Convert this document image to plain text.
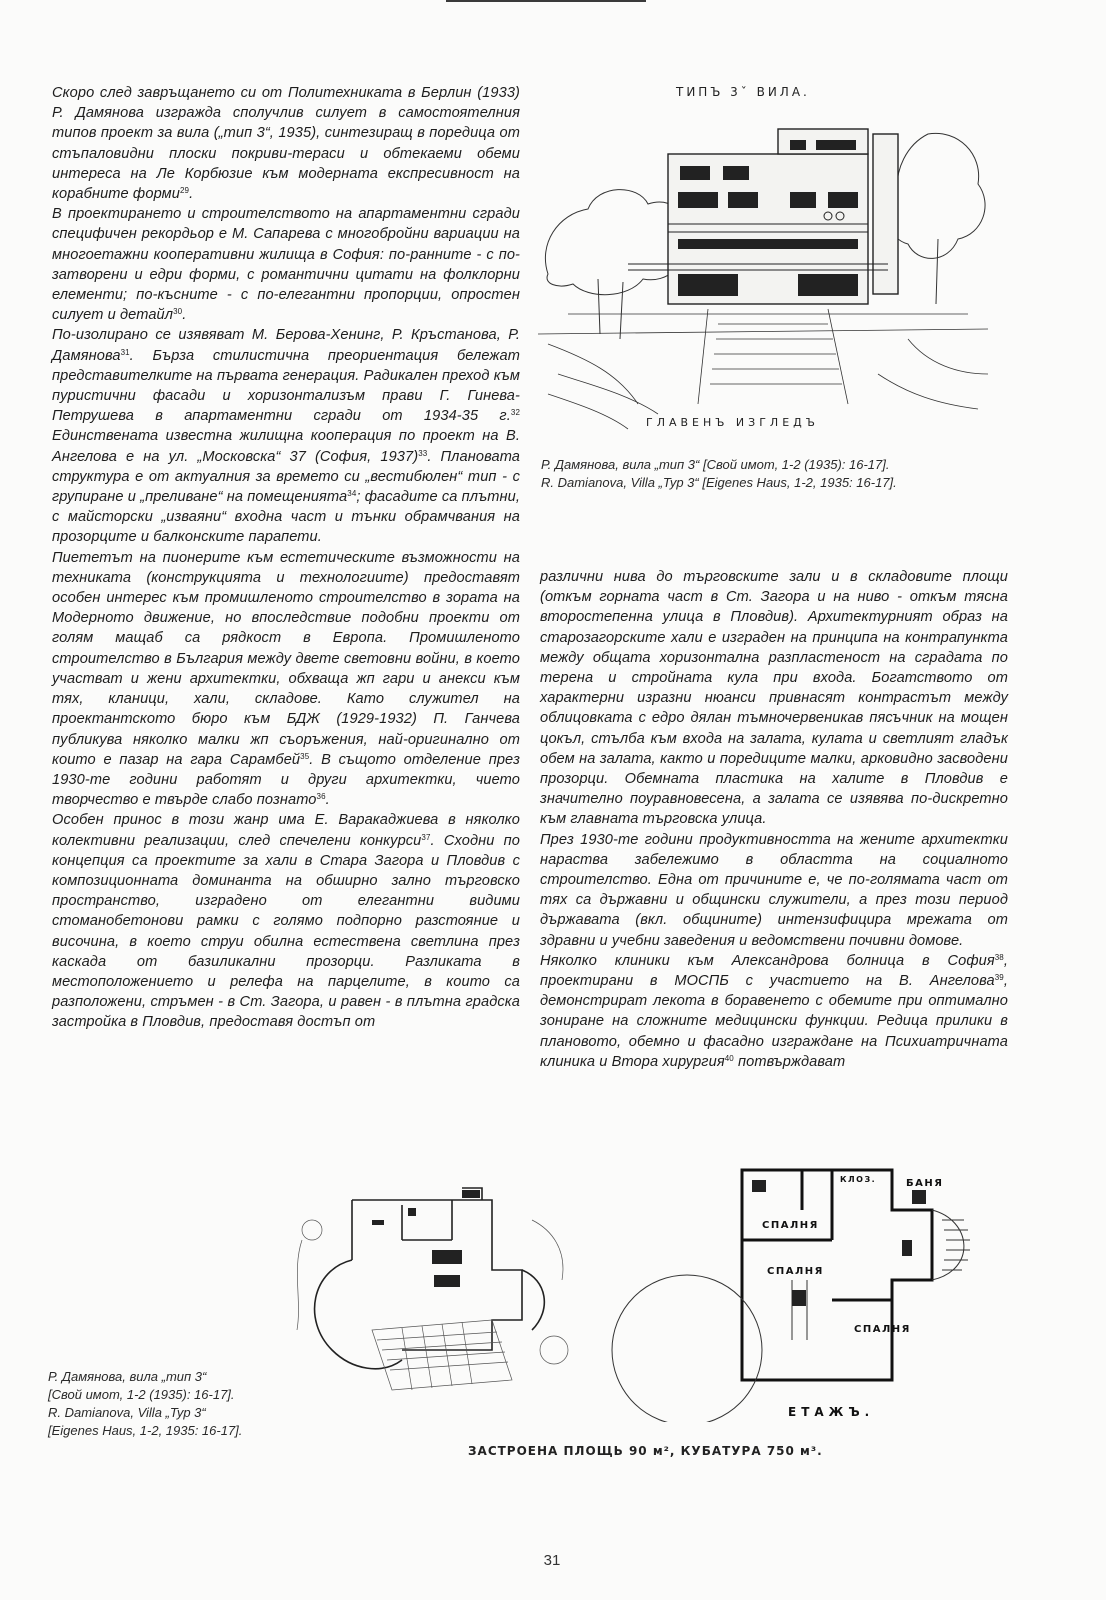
Скоро след завръщането си от Политехниката в Берлин (1933) Р. Дамянова изгражда сполучлив силует в самостоятелния типов проект за вила („тип 3“, 1935), синтезиращ в поредица от стъпаловидни плоски покриви-тераси и обтекаеми обеми интереса на Ле Корбюзие към модерната експресивност на корабните форми$^{29}$.

В проектирането и строителството на апартаментни сгради специфичен рекордьор е М. Сапарева с многобройни вариации на многоетажни кооперативни жилища в София: по-ранните - с по-затворени и едри форми, с романтични цитати на фолклорни елементи; по-късните - с по-елегантни пропорции, опростен силует и детайл$^{30}$.

По-изолирано се изявяват М. Берова-Хенинг, Р. Кръстанова, Р. Дамянова$^{31}$. Бърза стилистична преориентация бележат представителките на първата генерация. Радикален преход към пуристични фасади и хоризонтализъм прави Г. Гинева-Петрушева в апартаментни сгради от 1934-35 г.$^{32}$ Единствената известна жилищна кооперация по проект на В. Ангелова е на ул. „Московска“ 37 (София, 1937)$^{33}$. Плановата структура е от актуалния за времето си „вестибюлен“ тип - с групиране и „преливане“ на помещенията$^{34}$; фасадите са плътни, с майсторски „изваяни“ входна част и тънки обрамчвания на прозорците и балконските парапети.

Пиететът на пионерите към естетическите възможности на техниката (конструкцията и технологиите) предоставят особен интерес към промишленото строителство в зората на Модерното движение, но впоследствие подобни проекти от голям мащаб са рядкост в Европа. Промишленото строителство в България между двете световни войни, в което участват и жени архитектки, обхваща жп гари и анекси към тях, кланици, хали, складове. Като служител на проектантското бюро към БДЖ (1929-1932) П. Ганчева публикува няколко малки жп съоръжения, най-оригинално от които е пазар на гара Сарамбей$^{35}$. В същото отделение през 1930-те години работят и други архитектки, чието творчество е твърде слабо познато$^{36}$.

Особен принос в този жанр има Е. Варакаджиева в няколко колективни реализации, след спечелени конкурси$^{37}$. Сходни по концепция са проектите за хали в Стара Загора и Пловдив с композиционната доминанта на обширно залнo търговско пространство, изградено от елегантни видими стоманобетонови рамки с голямо подпорно разстояние и височина, в което струи обилна естествена светлина през каскада от базиликални прозорци. Разликата в местоположението и релефа на парцелите, в които са разположени, стръмен - в Ст. Загора, и равен - в плътна градска застройка в Пловдив, предоставя достъп от

ТИПЪ 3ˇ ВИЛА.
ГЛАВЕНЪ ИЗГЛЕДЪ
Р. Дамянова, вила „тип 3“ [Свой имот, 1-2 (1935): 16-17].
R. Damianova, Villa „Typ 3“ [Eigenes Haus, 1-2, 1935: 16-17].

различни нива до търговските зали и в складовите площи (откъм горната част в Ст. Загора и на ниво - откъм тясна второстепенна улица в Пловдив). Архитектурният образ на старозагорските хали е изграден на принципа на контрапункта между общата хоризонтална разпластеност на сградата по терена и стройната кула при входа. Богатството от характерни изразни нюанси привнасят контрастът между облицовката с едро дялан тъмночервеникав пясъчник на мощен цокъл, стълба към входа на залата, кулата и светлият гладък обем на залата, както и поредиците малки, арковидно засводени прозорци. Обемната пластика на халите в Пловдив е значително поуравновесена, а залата се изявява по-дискретно към главната търговска улица.

През 1930-те години продуктивността на жените архитектки нараства забележимо в областта на социалното строителство. Една от причините е, че по-голямата част от тях са държавни и общински служители, а през този период държавата (вкл. общините) интензифицира мрежата от здравни и учебни заведения и ведомствени почивни домове.

Няколко клиники към Александрова болница в София$^{38}$, проектирани в МОСПБ с участието на В. Ангелова$^{39}$, демонстрират лекота в боравенето с обемите при оптимално зониране на сложните медицински функции. Редица прилики в плановото, обемно и фасадно изграждане на Психиатричната клиника и Втора хирургия$^{40}$ потвърждават

Р. Дамянова, вила „тип 3“
[Свой имот, 1-2 (1935): 16-17].
R. Damianova, Villa „Typ 3“
[Eigenes Haus, 1-2, 1935: 16-17].
СПАЛНЯ
СПАЛНЯ
СПАЛНЯ
КЛОЗ.	БАНЯ
ЕТАЖЪ.
ЗАСТРОЕНА ПЛОЩЬ 90 м², КУБАТУРА 750 м³.
31
